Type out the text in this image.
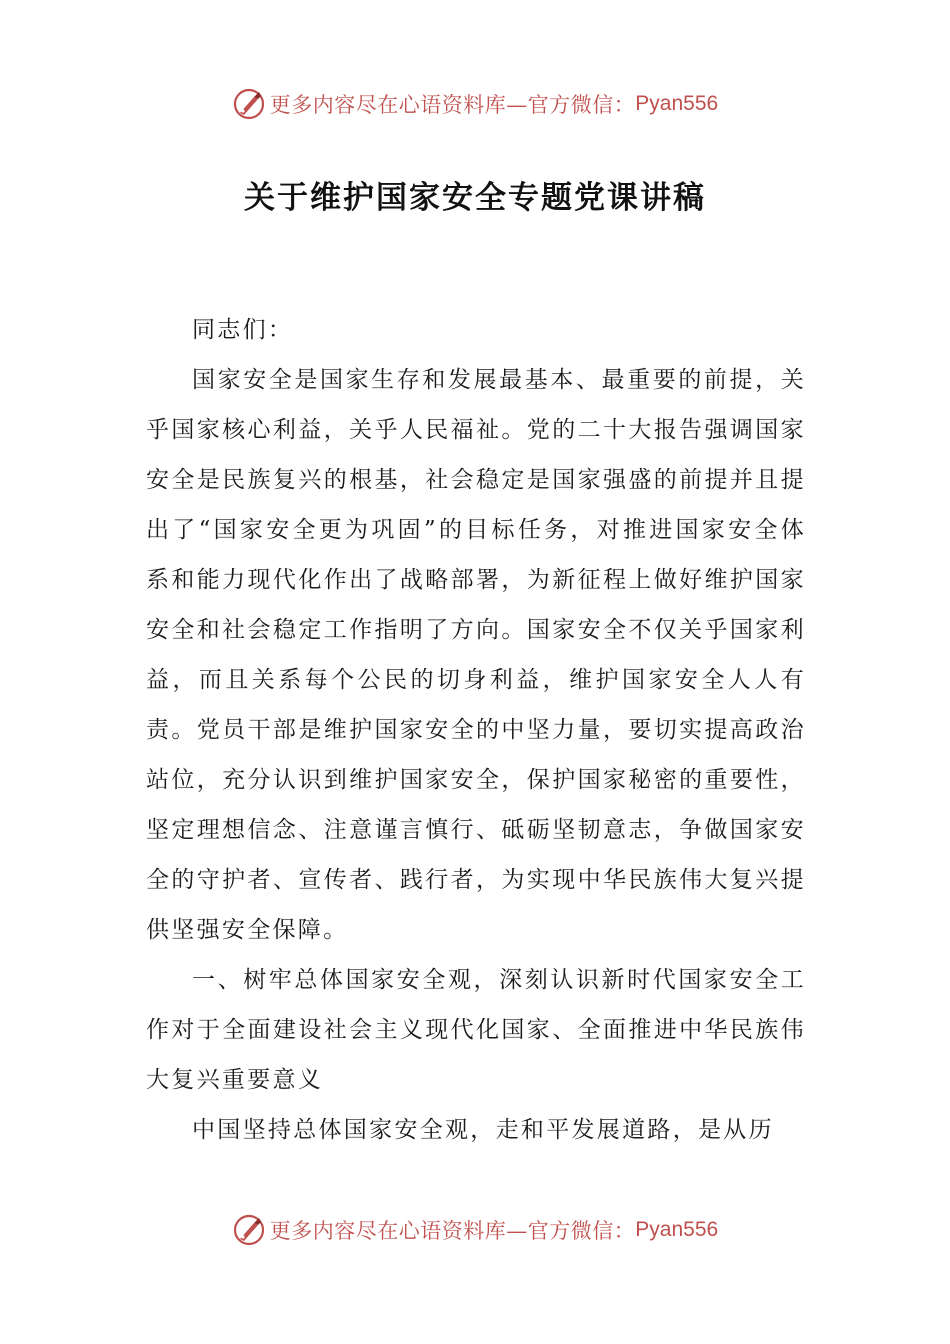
更多内容尽在心语资料库—官方微信： Pyan556
关于维护国家安全专题党课讲稿

同志们：

国家安全是国家生存和发展最基本、最重要的前提，关乎国家核心利益，关乎人民福祉。党的二十大报告强调国家安全是民族复兴的根基，社会稳定是国家强盛的前提并且提出了“国家安全更为巩固”的目标任务，对推进国家安全体系和能力现代化作出了战略部署，为新征程上做好维护国家安全和社会稳定工作指明了方向。国家安全不仅关乎国家利益，而且关系每个公民的切身利益，维护国家安全人人有责。党员干部是维护国家安全的中坚力量，要切实提高政治站位，充分认识到维护国家安全，保护国家秘密的重要性，坚定理想信念、注意谨言慎行、砥砺坚韧意志，争做国家安全的守护者、宣传者、践行者，为实现中华民族伟大复兴提供坚强安全保障。

一、树牢总体国家安全观，深刻认识新时代国家安全工作对于全面建设社会主义现代化国家、全面推进中华民族伟大复兴重要意义

中国坚持总体国家安全观，走和平发展道路，是从历

更多内容尽在心语资料库—官方微信： Pyan556
